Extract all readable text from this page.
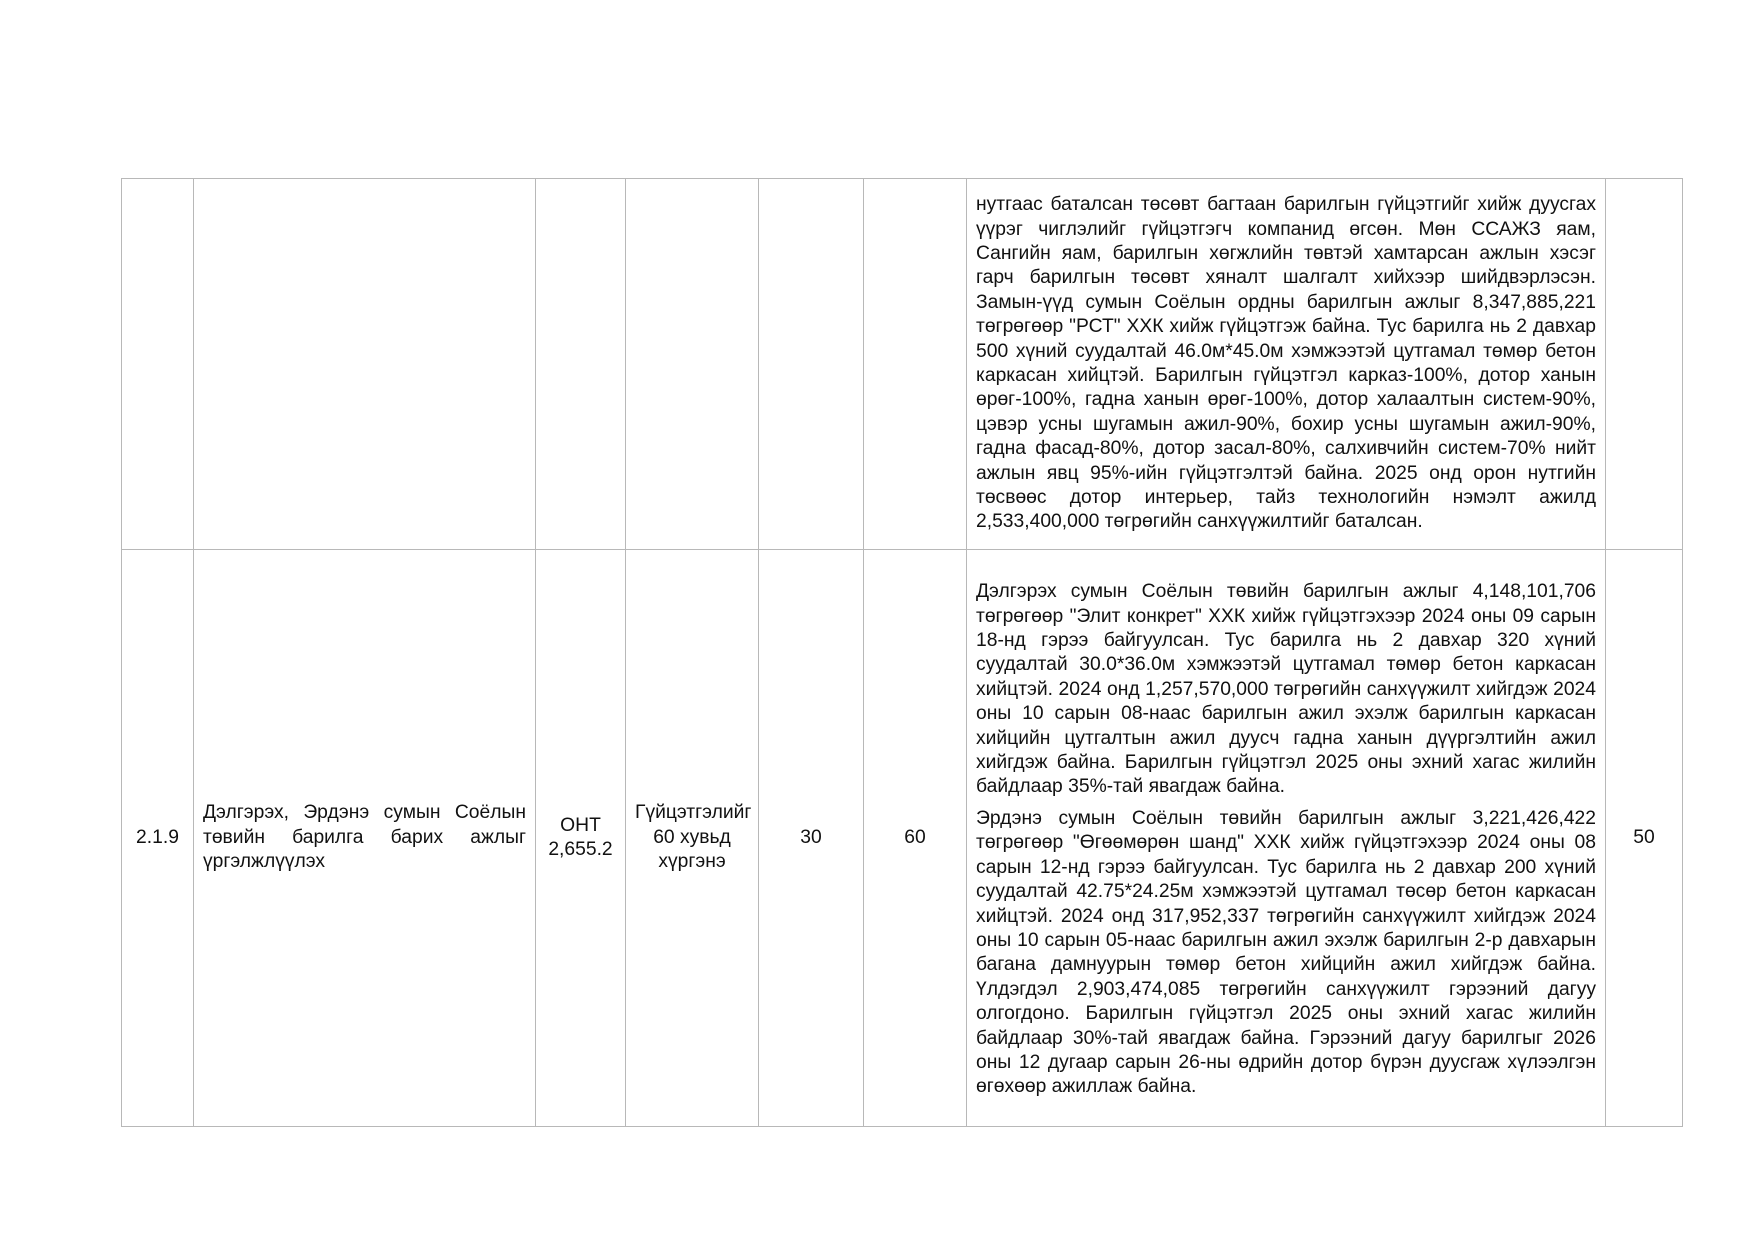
						нутгаас баталсан төсөвт багтаан барилгын гүйцэтгийг хийж дуусгах үүрэг чиглэлийг гүйцэтгэгч компанид өгсөн. Мөн ССАЖЗ яам, Сангийн яам, барилгын хөгжлийн төвтэй хамтарсан ажлын хэсэг гарч барилгын төсөвт хяналт шалгалт хийхээр шийдвэрлэсэн. Замын-үүд сумын Соёлын ордны барилгын ажлыг 8,347,885,221 төгрөгөөр "РСТ" ХХК хийж гүйцэтгэж байна. Тус барилга нь 2 давхар 500 хүний суудалтай 46.0м*45.0м хэмжээтэй цутгамал төмөр бетон каркасан хийцтэй. Барилгын гүйцэтгэл карказ-100%, дотор ханын өрөг-100%, гадна ханын өрөг-100%, дотор халаалтын систем-90%, цэвэр усны шугамын ажил-90%, бохир усны шугамын ажил-90%, гадна фасад-80%, дотор засал-80%, салхивчийн систем-70% нийт ажлын явц 95%-ийн гүйцэтгэлтэй байна. 2025 онд орон нутгийн төсвөөс дотор интерьер, тайз технологийн нэмэлт ажилд 2,533,400,000 төгрөгийн санхүүжилтийг баталсан.	

2.1.9	Дэлгэрэх, Эрдэнэ сумын Соёлын төвийн барилга барих ажлыг үргэлжлүүлэх	ОНТ 2,655.2	Гүйцэтгэлийг 60 хувьд хүргэнэ	30	60	Дэлгэрэх сумын Соёлын төвийн барилгын ажлыг 4,148,101,706 төгрөгөөр "Элит конкрет" ХХК хийж гүйцэтгэхээр 2024 оны 09 сарын 18-нд гэрээ байгуулсан. Тус барилга нь 2 давхар 320 хүний суудалтай 30.0*36.0м хэмжээтэй цутгамал төмөр бетон каркасан хийцтэй. 2024 онд 1,257,570,000 төгрөгийн санхүүжилт хийгдэж 2024 оны 10 сарын 08-наас барилгын ажил эхэлж барилгын каркасан хийцийн цутгалтын ажил дууcч гадна ханын дүүргэлтийн ажил хийгдэж байна. Барилгын гүйцэтгэл 2025 оны эхний хагас жилийн байдлаар 35%-тай явагдаж байна.

Эрдэнэ сумын Соёлын төвийн барилгын ажлыг 3,221,426,422 төгрөгөөр "Өгөөмөрөн шанд" ХХК хийж гүйцэтгэхээр 2024 оны 08 сарын 12-нд гэрээ байгуулсан. Тус барилга нь 2 давхар 200 хүний суудалтай 42.75*24.25м хэмжээтэй цутгамал төсөр бетон каркасан хийцтэй. 2024 онд 317,952,337 төгрөгийн санхүүжилт хийгдэж 2024 оны 10 сарын 05-наас барилгын ажил эхэлж барилгын 2-р давхарын багана дамнуурын төмөр бетон хийцийн ажил хийгдэж байна. Үлдэгдэл 2,903,474,085 төгрөгийн санхүүжилт гэрээний дагуу олгогдоно. Барилгын гүйцэтгэл 2025 оны эхний хагас жилийн байдлаар 30%-тай явагдаж байна. Гэрээний дагуу барилгыг 2026 оны 12 дугаар сарын 26-ны өдрийн дотор бүрэн дуусгаж хүлээлгэн өгөхөөр ажиллаж байна.	50
